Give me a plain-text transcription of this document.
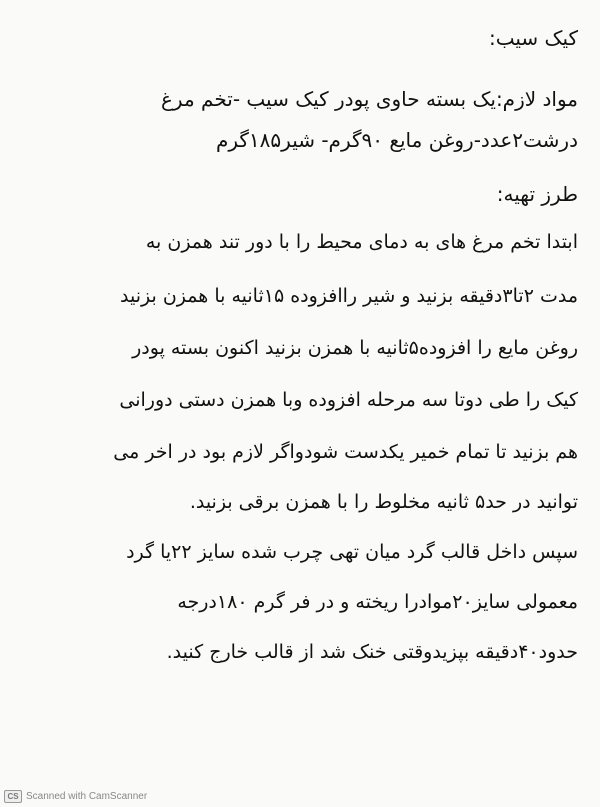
کیک سیب:
مواد لازم:یک بسته حاوی پودر کیک سیب -تخم مرغ
درشت۲عدد-روغن مایع ۹۰گرم- شیر۱۸۵گرم
طرز تهیه:
ابتدا تخم مرغ های به دمای محیط را با دور تند همزن به
مدت ۲تا۳دقیقه بزنید و شیر راافزوده ۱۵ثانیه با همزن بزنید
روغن مایع را افزوده۵ثانیه با همزن بزنید اکنون بسته پودر
کیک را طی دوتا سه مرحله افزوده وبا همزن دستی دورانی
هم بزنید تا تمام خمیر یکدست شودواگر لازم بود در اخر می
توانید در حد۵ ثانیه مخلوط را با همزن برقی بزنید.
سپس داخل قالب گرد میان تهی چرب شده سایز ۲۲یا گرد
معمولی سایز۲۰موادرا ریخته و در فر گرم ۱۸۰درجه
حدود۴۰دقیقه بپزیدوقتی خنک شد از قالب خارج کنید.
CS Scanned with CamScanner
